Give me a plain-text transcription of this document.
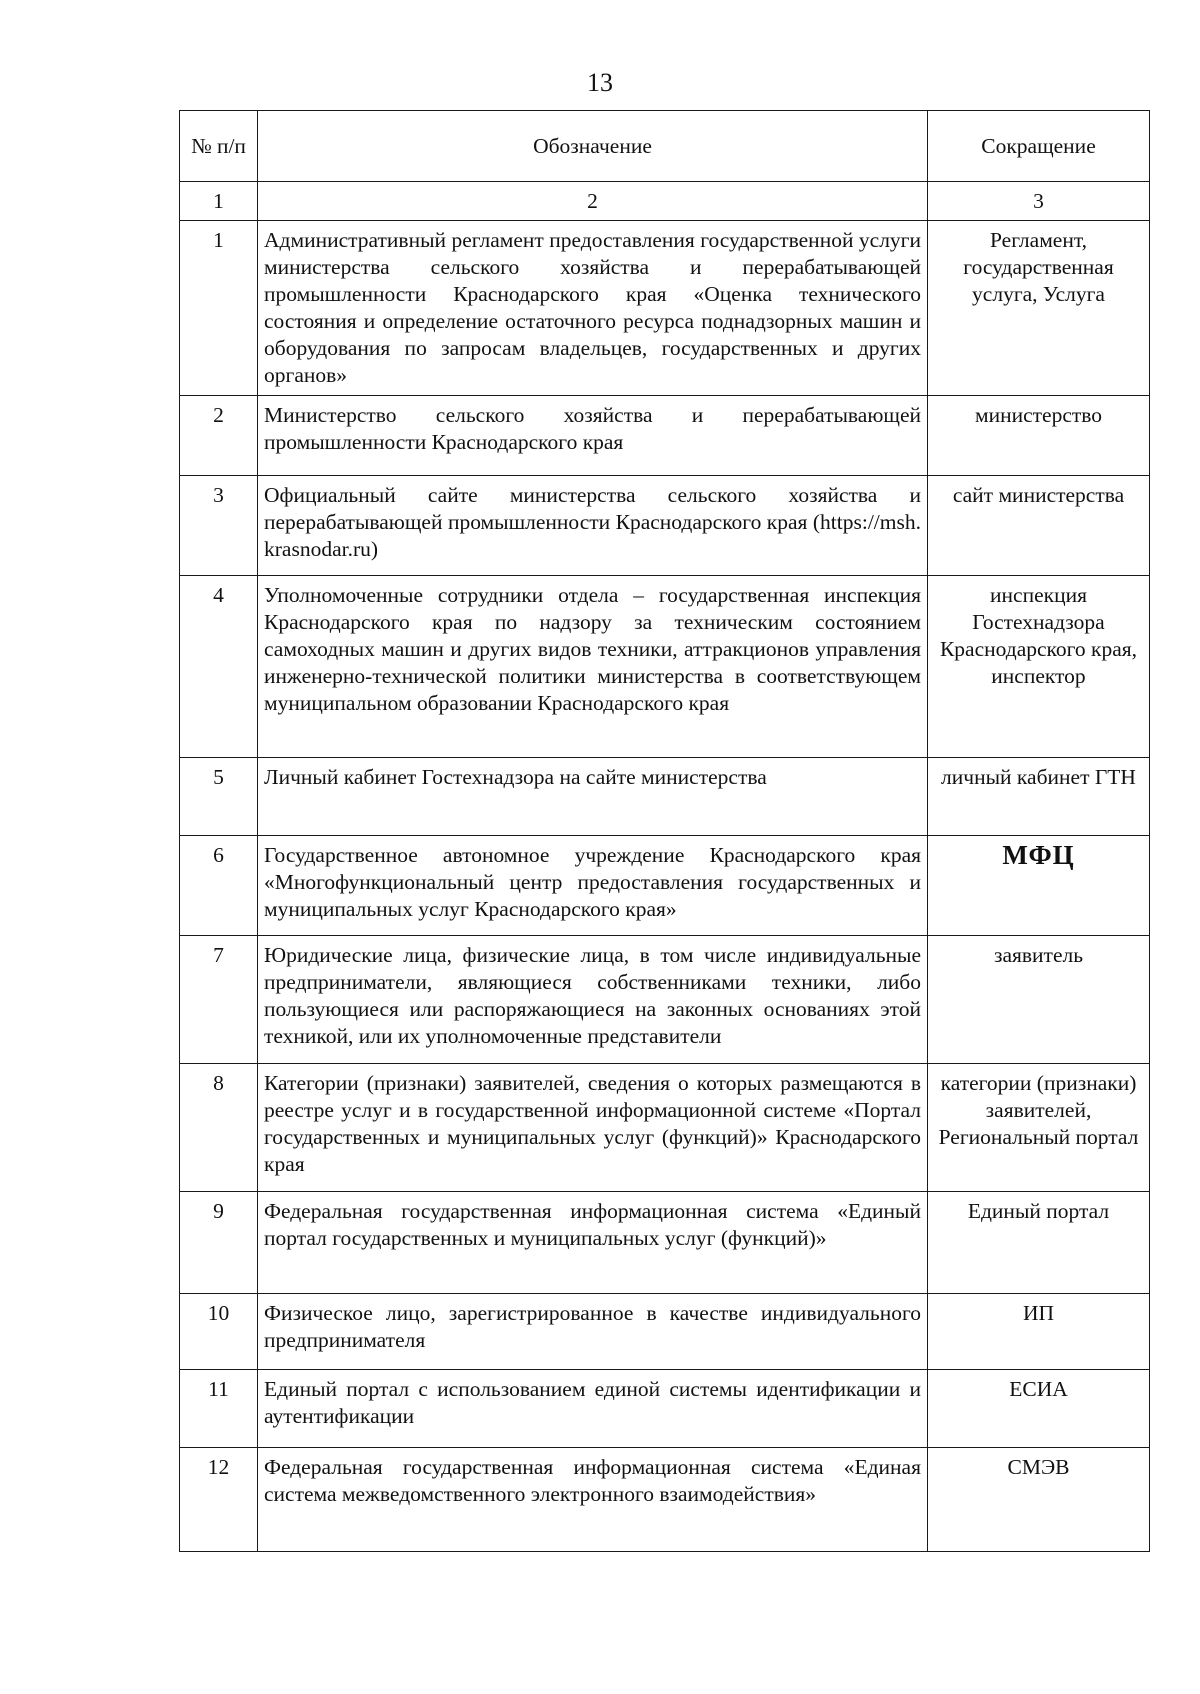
13
№ п/п	Обозначение	Сокращение
1	2	3
1	Административный регламент предоставления государственной услуги министерства сельского хозяйства и перерабатывающей промышленности Краснодарского края «Оценка технического состояния и определение остаточного ресурса поднадзорных машин и оборудования по запросам владельцев, государственных и других органов»	Регламент, государственная услуга, Услуга
2	Министерство сельского хозяйства и перерабатывающей промышленности Краснодарского края	министерство
3	Официальный сайте министерства сельского хозяйства и перерабатывающей промышленности Краснодарского края (https://msh. krasnodar.ru)	сайт министерства
4	Уполномоченные сотрудники отдела – государственная инспекция Краснодарского края по надзору за техническим состоянием самоходных машин и других видов техники, аттракционов управления инженерно-технической политики министерства в соответствующем муниципальном образовании Краснодарского края	инспекция Гостехнадзора Краснодарского края, инспектор
5	Личный кабинет Гостехнадзора на сайте министерства	личный кабинет ГТН
6	Государственное автономное учреждение Краснодарского края «Многофункциональный центр предоставления государственных и муниципальных услуг Краснодарского края»	МФЦ
7	Юридические лица, физические лица, в том числе индивидуальные предприниматели, являющиеся собственниками техники, либо пользующиеся или распоряжающиеся на законных основаниях этой техникой, или их уполномоченные представители	заявитель
8	Категории (признаки) заявителей, сведения о которых размещаются в реестре услуг и в государственной информационной системе «Портал государственных и муниципальных услуг (функций)» Краснодарского края	категории (признаки) заявителей, Региональный портал
9	Федеральная государственная информационная система «Единый портал государственных и муниципальных услуг (функций)»	Единый портал
10	Физическое лицо, зарегистрированное в качестве индивидуального предпринимателя	ИП
11	Единый портал с использованием единой системы идентификации и аутентификации	ЕСИА
12	Федеральная государственная информационная система «Единая система межведомственного электронного взаимодействия»	СМЭВ
